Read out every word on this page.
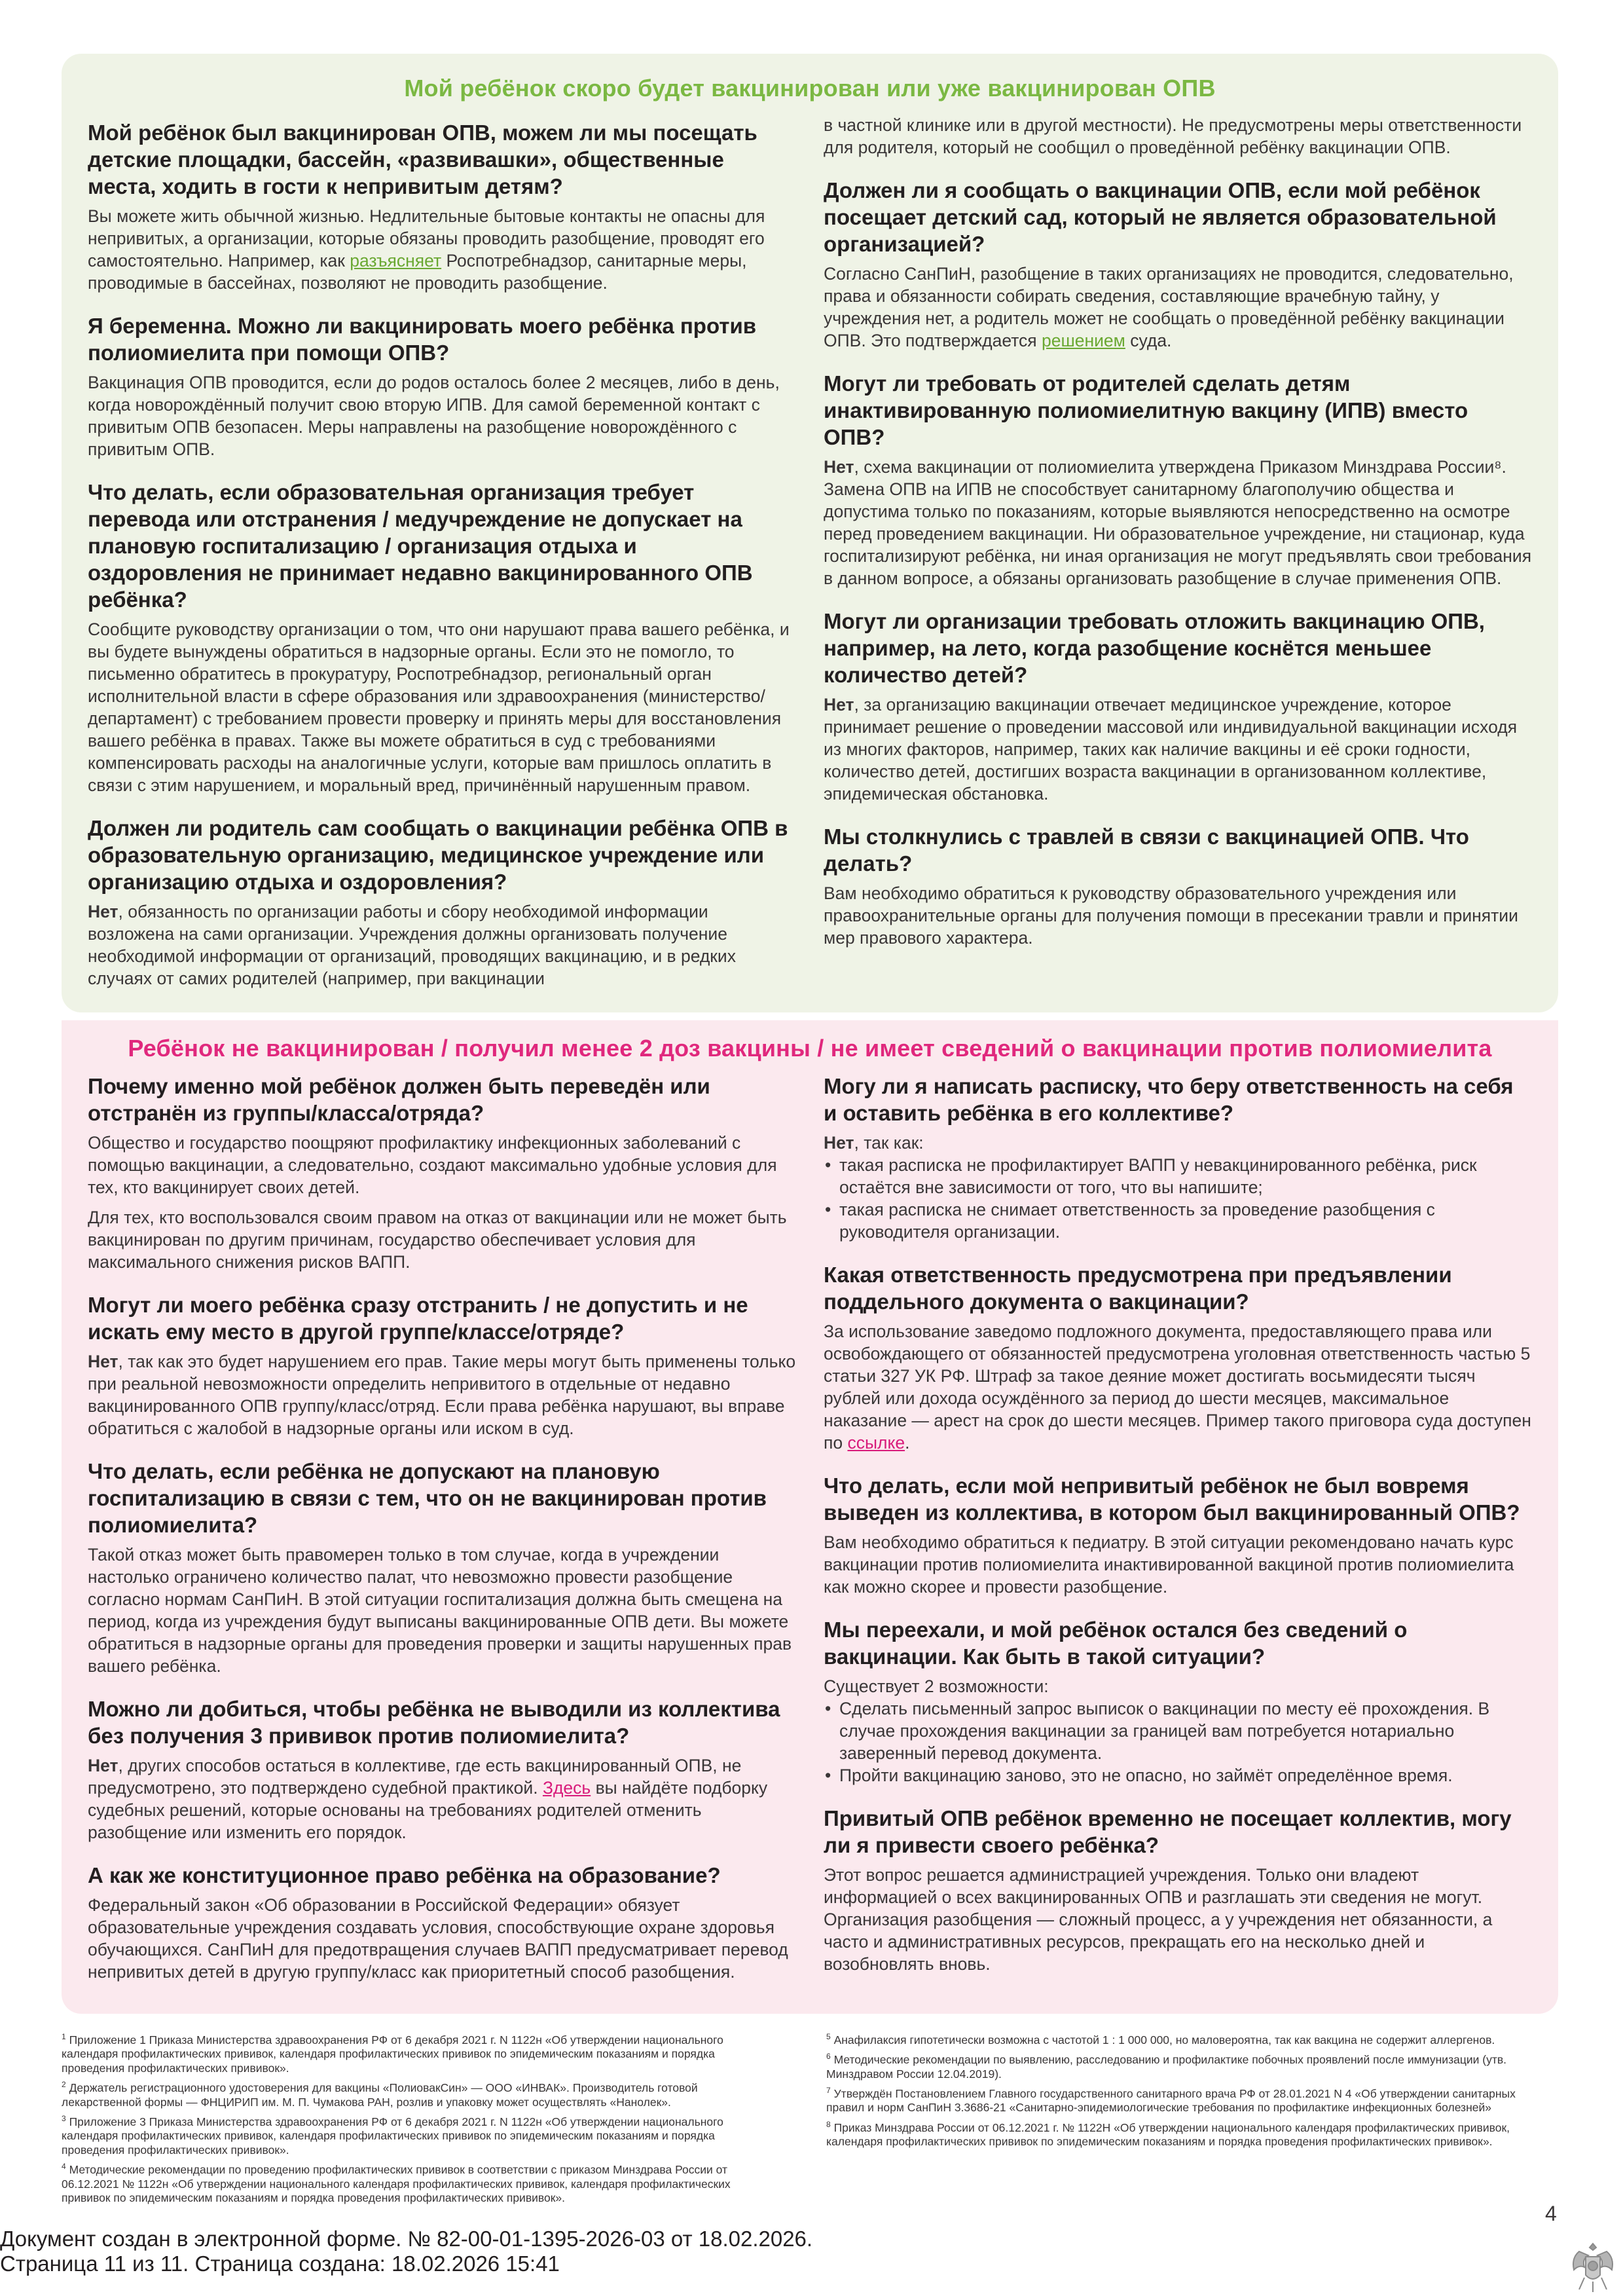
Мой ребёнок скоро будет вакцинирован или уже вакцинирован ОПВ
Мой ребёнок был вакцинирован ОПВ, можем ли мы посещать детские площадки, бассейн, «развивашки», общественные места, ходить в гости к непривитым детям?
Вы можете жить обычной жизнью. Недлительные бытовые контакты не опасны для непривитых, а организации, которые обязаны проводить разобщение, проводят его самостоятельно. Например, как разъясняет Роспотребнадзор, санитарные меры, проводимые в бассейнах, позволяют не проводить разобщение.
Я беременна. Можно ли вакцинировать моего ребёнка против полиомиелита при помощи ОПВ?
Вакцинация ОПВ проводится, если до родов осталось более 2 месяцев, либо в день, когда новорождённый получит свою вторую ИПВ. Для самой беременной контакт с привитым ОПВ безопасен. Меры направлены на разобщение новорождённого с привитым ОПВ.
Что делать, если образовательная организация требует перевода или отстранения / медучреждение не допускает на плановую госпитализацию / организация отдыха и оздоровления не принимает недавно вакцинированного ОПВ ребёнка?
Сообщите руководству организации о том, что они нарушают права вашего ребёнка, и вы будете вынуждены обратиться в надзорные органы. Если это не помогло, то письменно обратитесь в прокуратуру, Роспотребнадзор, региональный орган исполнительной власти в сфере образования или здравоохранения (министерство/департамент) с требованием провести проверку и принять меры для восстановления вашего ребёнка в правах. Также вы можете обратиться в суд с требованиями компенсировать расходы на аналогичные услуги, которые вам пришлось оплатить в связи с этим нарушением, и моральный вред, причинённый нарушенным правом.
Должен ли родитель сам сообщать о вакцинации ребёнка ОПВ в образовательную организацию, медицинское учреждение или организацию отдыха и оздоровления?
Нет, обязанность по организации работы и сбору необходимой информации возложена на сами организации. Учреждения должны организовать получение необходимой информации от организаций, проводящих вакцинацию, и в редких случаях от самих родителей (например, при вакцинации
в частной клинике или в другой местности). Не предусмотрены меры ответственности для родителя, который не сообщил о проведённой ребёнку вакцинации ОПВ.
Должен ли я сообщать о вакцинации ОПВ, если мой ребёнок посещает детский сад, который не является образовательной организацией?
Согласно СанПиН, разобщение в таких организациях не проводится, следовательно, права и обязанности собирать сведения, составляющие врачебную тайну, у учреждения нет, а родитель может не сообщать о проведённой ребёнку вакцинации ОПВ. Это подтверждается решением суда.
Могут ли требовать от родителей сделать детям инактивированную полиомиелитную вакцину (ИПВ) вместо ОПВ?
Нет, схема вакцинации от полиомиелита утверждена Приказом Минздрава России⁸. Замена ОПВ на ИПВ не способствует санитарному благополучию общества и допустима только по показаниям, которые выявляются непосредственно на осмотре перед проведением вакцинации. Ни образовательное учреждение, ни стационар, куда госпитализируют ребёнка, ни иная организация не могут предъявлять свои требования в данном вопросе, а обязаны организовать разобщение в случае применения ОПВ.
Могут ли организации требовать отложить вакцинацию ОПВ, например, на лето, когда разобщение коснётся меньшее количество детей?
Нет, за организацию вакцинации отвечает медицинское учреждение, которое принимает решение о проведении массовой или индивидуальной вакцинации исходя из многих факторов, например, таких как наличие вакцины и её сроки годности, количество детей, достигших возраста вакцинации в организованном коллективе, эпидемическая обстановка.
Мы столкнулись с травлей в связи с вакцинацией ОПВ. Что делать?
Вам необходимо обратиться к руководству образовательного учреждения или правоохранительные органы для получения помощи в пресекании травли и принятии мер правового характера.
Ребёнок не вакцинирован / получил менее 2 доз вакцины / не имеет сведений о вакцинации против полиомиелита
Почему именно мой ребёнок должен быть переведён или отстранён из группы/класса/отряда?

Общество и государство поощряют профилактику инфекционных заболеваний с помощью вакцинации, а следовательно, создают максимально удобные условия для тех, кто вакцинирует своих детей.

Для тех, кто воспользовался своим правом на отказ от вакцинации или не может быть вакцинирован по другим причинам, государство обеспечивает условия для максимального снижения рисков ВАПП.

Могут ли моего ребёнка сразу отстранить / не допустить и не искать ему место в другой группе/классе/отряде?
Нет, так как это будет нарушением его прав. Такие меры могут быть применены только при реальной невозможности определить непривитого в отдельные от недавно вакцинированного ОПВ группу/класс/отряд. Если права ребёнка нарушают, вы вправе обратиться с жалобой в надзорные органы или иском в суд.
Что делать, если ребёнка не допускают на плановую госпитализацию в связи с тем, что он не вакцинирован против полиомиелита?
Такой отказ может быть правомерен только в том случае, когда в учреждении настолько ограничено количество палат, что невозможно провести разобщение согласно нормам СанПиН. В этой ситуации госпитализация должна быть смещена на период, когда из учреждения будут выписаны вакцинированные ОПВ дети. Вы можете обратиться в надзорные органы для проведения проверки и защиты нарушенных прав вашего ребёнка.
Можно ли добиться, чтобы ребёнка не выводили из коллектива без получения 3 прививок против полиомиелита?
Нет, других способов остаться в коллективе, где есть вакцинированный ОПВ, не предусмотрено, это подтверждено судебной практикой. Здесь вы найдёте подборку судебных решений, которые основаны на требованиях родителей отменить разобщение или изменить его порядок.
А как же конституционное право ребёнка на образование?
Федеральный закон «Об образовании в Российской Федерации» обязует образовательные учреждения создавать условия, способствующие охране здоровья обучающихся. СанПиН для предотвращения случаев ВАПП предусматривает перевод непривитых детей в другую группу/класс как приоритетный способ разобщения.
Могу ли я написать расписку, что беру ответственность на себя и оставить ребёнка в его коллективе?
Нет, так как:
• такая расписка не профилактирует ВАПП у невакцинированного ребёнка, риск остаётся вне зависимости от того, что вы напишите;
• такая расписка не снимает ответственность за проведение разобщения с руководителя организации.
Какая ответственность предусмотрена при предъявлении поддельного документа о вакцинации?
За использование заведомо подложного документа, предоставляющего права или освобождающего от обязанностей предусмотрена уголовная ответственность частью 5 статьи 327 УК РФ. Штраф за такое деяние может достигать восьмидесяти тысяч рублей или дохода осуждённого за период до шести месяцев, максимальное наказание — арест на срок до шести месяцев. Пример такого приговора суда доступен по ссылке.
Что делать, если мой непривитый ребёнок не был вовремя выведен из коллектива, в котором был вакцинированный ОПВ?
Вам необходимо обратиться к педиатру. В этой ситуации рекомендовано начать курс вакцинации против полиомиелита инактивированной вакциной против полиомиелита как можно скорее и провести разобщение.
Мы переехали, и мой ребёнок остался без сведений о вакцинации. Как быть в такой ситуации?
Существует 2 возможности:
• Сделать письменный запрос выписок о вакцинации по месту её прохождения. В случае прохождения вакцинации за границей вам потребуется нотариально заверенный перевод документа.
• Пройти вакцинацию заново, это не опасно, но займёт определённое время.
Привитый ОПВ ребёнок временно не посещает коллектив, могу ли я привести своего ребёнка?
Этот вопрос решается администрацией учреждения. Только они владеют информацией о всех вакцинированных ОПВ и разглашать эти сведения не могут. Организация разобщения — сложный процесс, а у учреждения нет обязанности, а часто и административных ресурсов, прекращать его на несколько дней и возобновлять вновь.
$^1$ Приложение 1 Приказа Министерства здравоохранения РФ от 6 декабря 2021 г. N 1122н «Об утверждении национального календаря профилактических прививок, календаря профилактических прививок по эпидемическим показаниям и порядка проведения профилактических прививок».
$^2$ Держатель регистрационного удостоверения для вакцины «ПолиовакСин» — ООО «ИНВАК». Производитель готовой лекарственной формы — ФНЦИРИП им. М. П. Чумакова РАН, розлив и упаковку может осуществлять «Нанолек».
$^3$ Приложение 3 Приказа Министерства здравоохранения РФ от 6 декабря 2021 г. N 1122н «Об утверждении национального календаря профилактических прививок, календаря профилактических прививок по эпидемическим показаниям и порядка проведения профилактических прививок».
$^4$ Методические рекомендации по проведению профилактических прививок в соответствии с приказом Минздрава России от 06.12.2021 № 1122н «Об утверждении национального календаря профилактических прививок, календаря профилактических прививок по эпидемическим показаниям и порядка проведения профилактических прививок».
$^5$ Анафилаксия гипотетически возможна с частотой 1 : 1 000 000, но маловероятна, так как вакцина не содержит аллергенов.
$^6$ Методические рекомендации по выявлению, расследованию и профилактике побочных проявлений после иммунизации (утв. Минздравом России 12.04.2019).
$^7$ Утверждён Постановлением Главного государственного санитарного врача РФ от 28.01.2021 N 4 «Об утверждении санитарных правил и норм СанПиН 3.3686-21 «Санитарно-эпидемиологические требования по профилактике инфекционных болезней»
$^8$ Приказ Минздрава России от 06.12.2021 г. № 1122Н «Об утверждении национального календаря профилактических прививок, календаря профилактических прививок по эпидемическим показаниям и порядка проведения профилактических прививок».
4
Документ создан в электронной форме. № 82-00-01-1395-2026-03 от 18.02.2026.
Страница 11 из 11. Страница создана: 18.02.2026 15:41
